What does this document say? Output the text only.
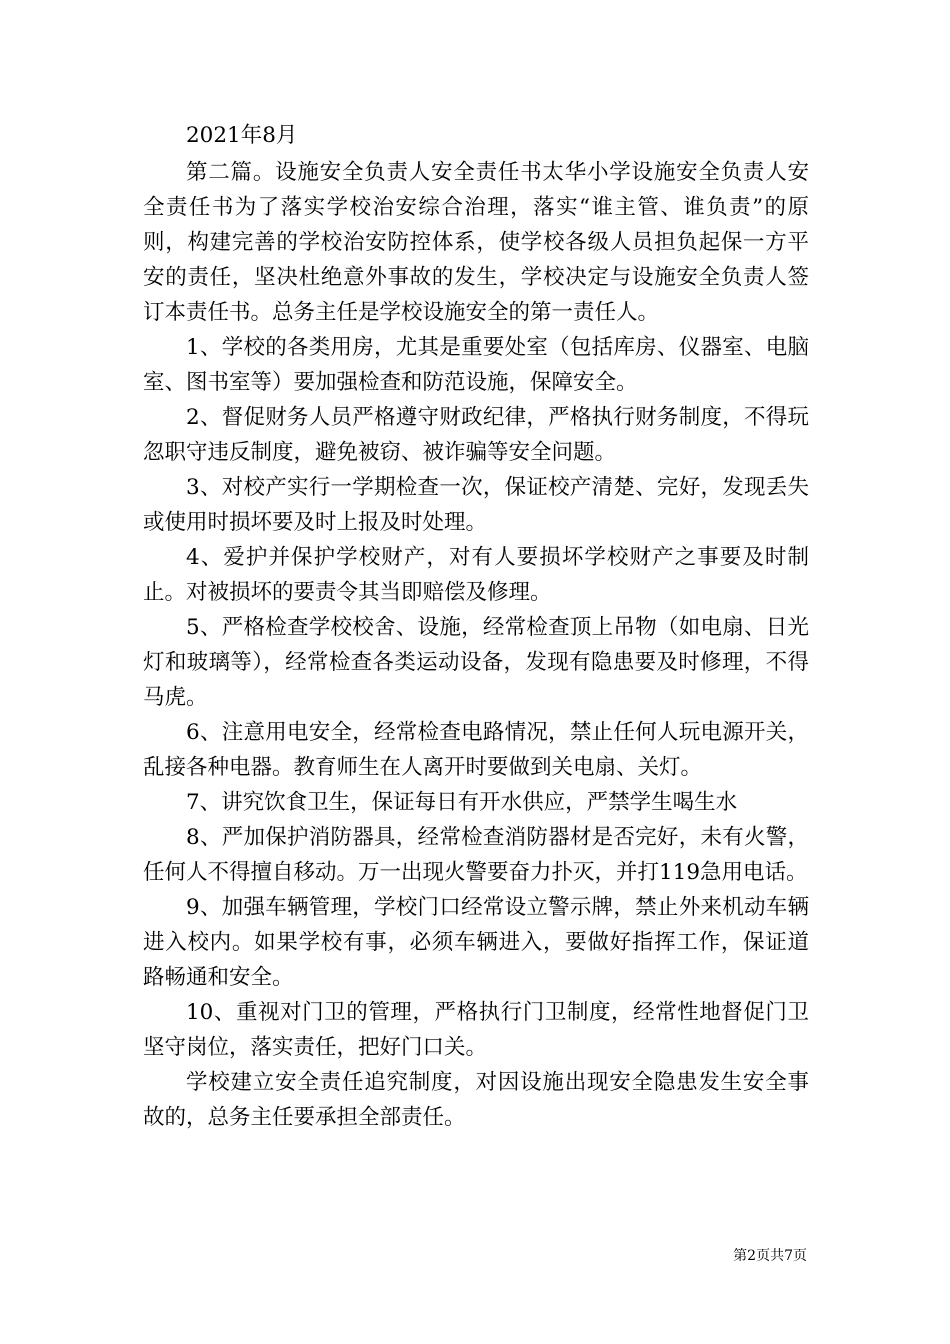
2021年8月

第二篇。设施安全负责人安全责任书太华小学设施安全负责人安全责任书为了落实学校治安综合治理，落实“谁主管、谁负责”的原则，构建完善的学校治安防控体系，使学校各级人员担负起保一方平安的责任，坚决杜绝意外事故的发生，学校决定与设施安全负责人签订本责任书。总务主任是学校设施安全的第一责任人。

1、学校的各类用房，尤其是重要处室（包括库房、仪器室、电脑室、图书室等）要加强检查和防范设施，保障安全。

2、督促财务人员严格遵守财政纪律，严格执行财务制度，不得玩忽职守违反制度，避免被窃、被诈骗等安全问题。

3、对校产实行一学期检查一次，保证校产清楚、完好，发现丢失或使用时损坏要及时上报及时处理。

4、爱护并保护学校财产，对有人要损坏学校财产之事要及时制止。对被损坏的要责令其当即赔偿及修理。

5、严格检查学校校舍、设施，经常检查顶上吊物（如电扇、日光灯和玻璃等），经常检查各类运动设备，发现有隐患要及时修理，不得马虎。

6、注意用电安全，经常检查电路情况，禁止任何人玩电源开关，乱接各种电器。教育师生在人离开时要做到关电扇、关灯。

7、讲究饮食卫生，保证每日有开水供应，严禁学生喝生水

8、严加保护消防器具，经常检查消防器材是否完好，未有火警，任何人不得擅自移动。万一出现火警要奋力扑灭，并打119急用电话。

9、加强车辆管理，学校门口经常设立警示牌，禁止外来机动车辆进入校内。如果学校有事，必须车辆进入，要做好指挥工作，保证道路畅通和安全。

10、重视对门卫的管理，严格执行门卫制度，经常性地督促门卫坚守岗位，落实责任，把好门口关。

学校建立安全责任追究制度，对因设施出现安全隐患发生安全事故的，总务主任要承担全部责任。

第2页共7页
